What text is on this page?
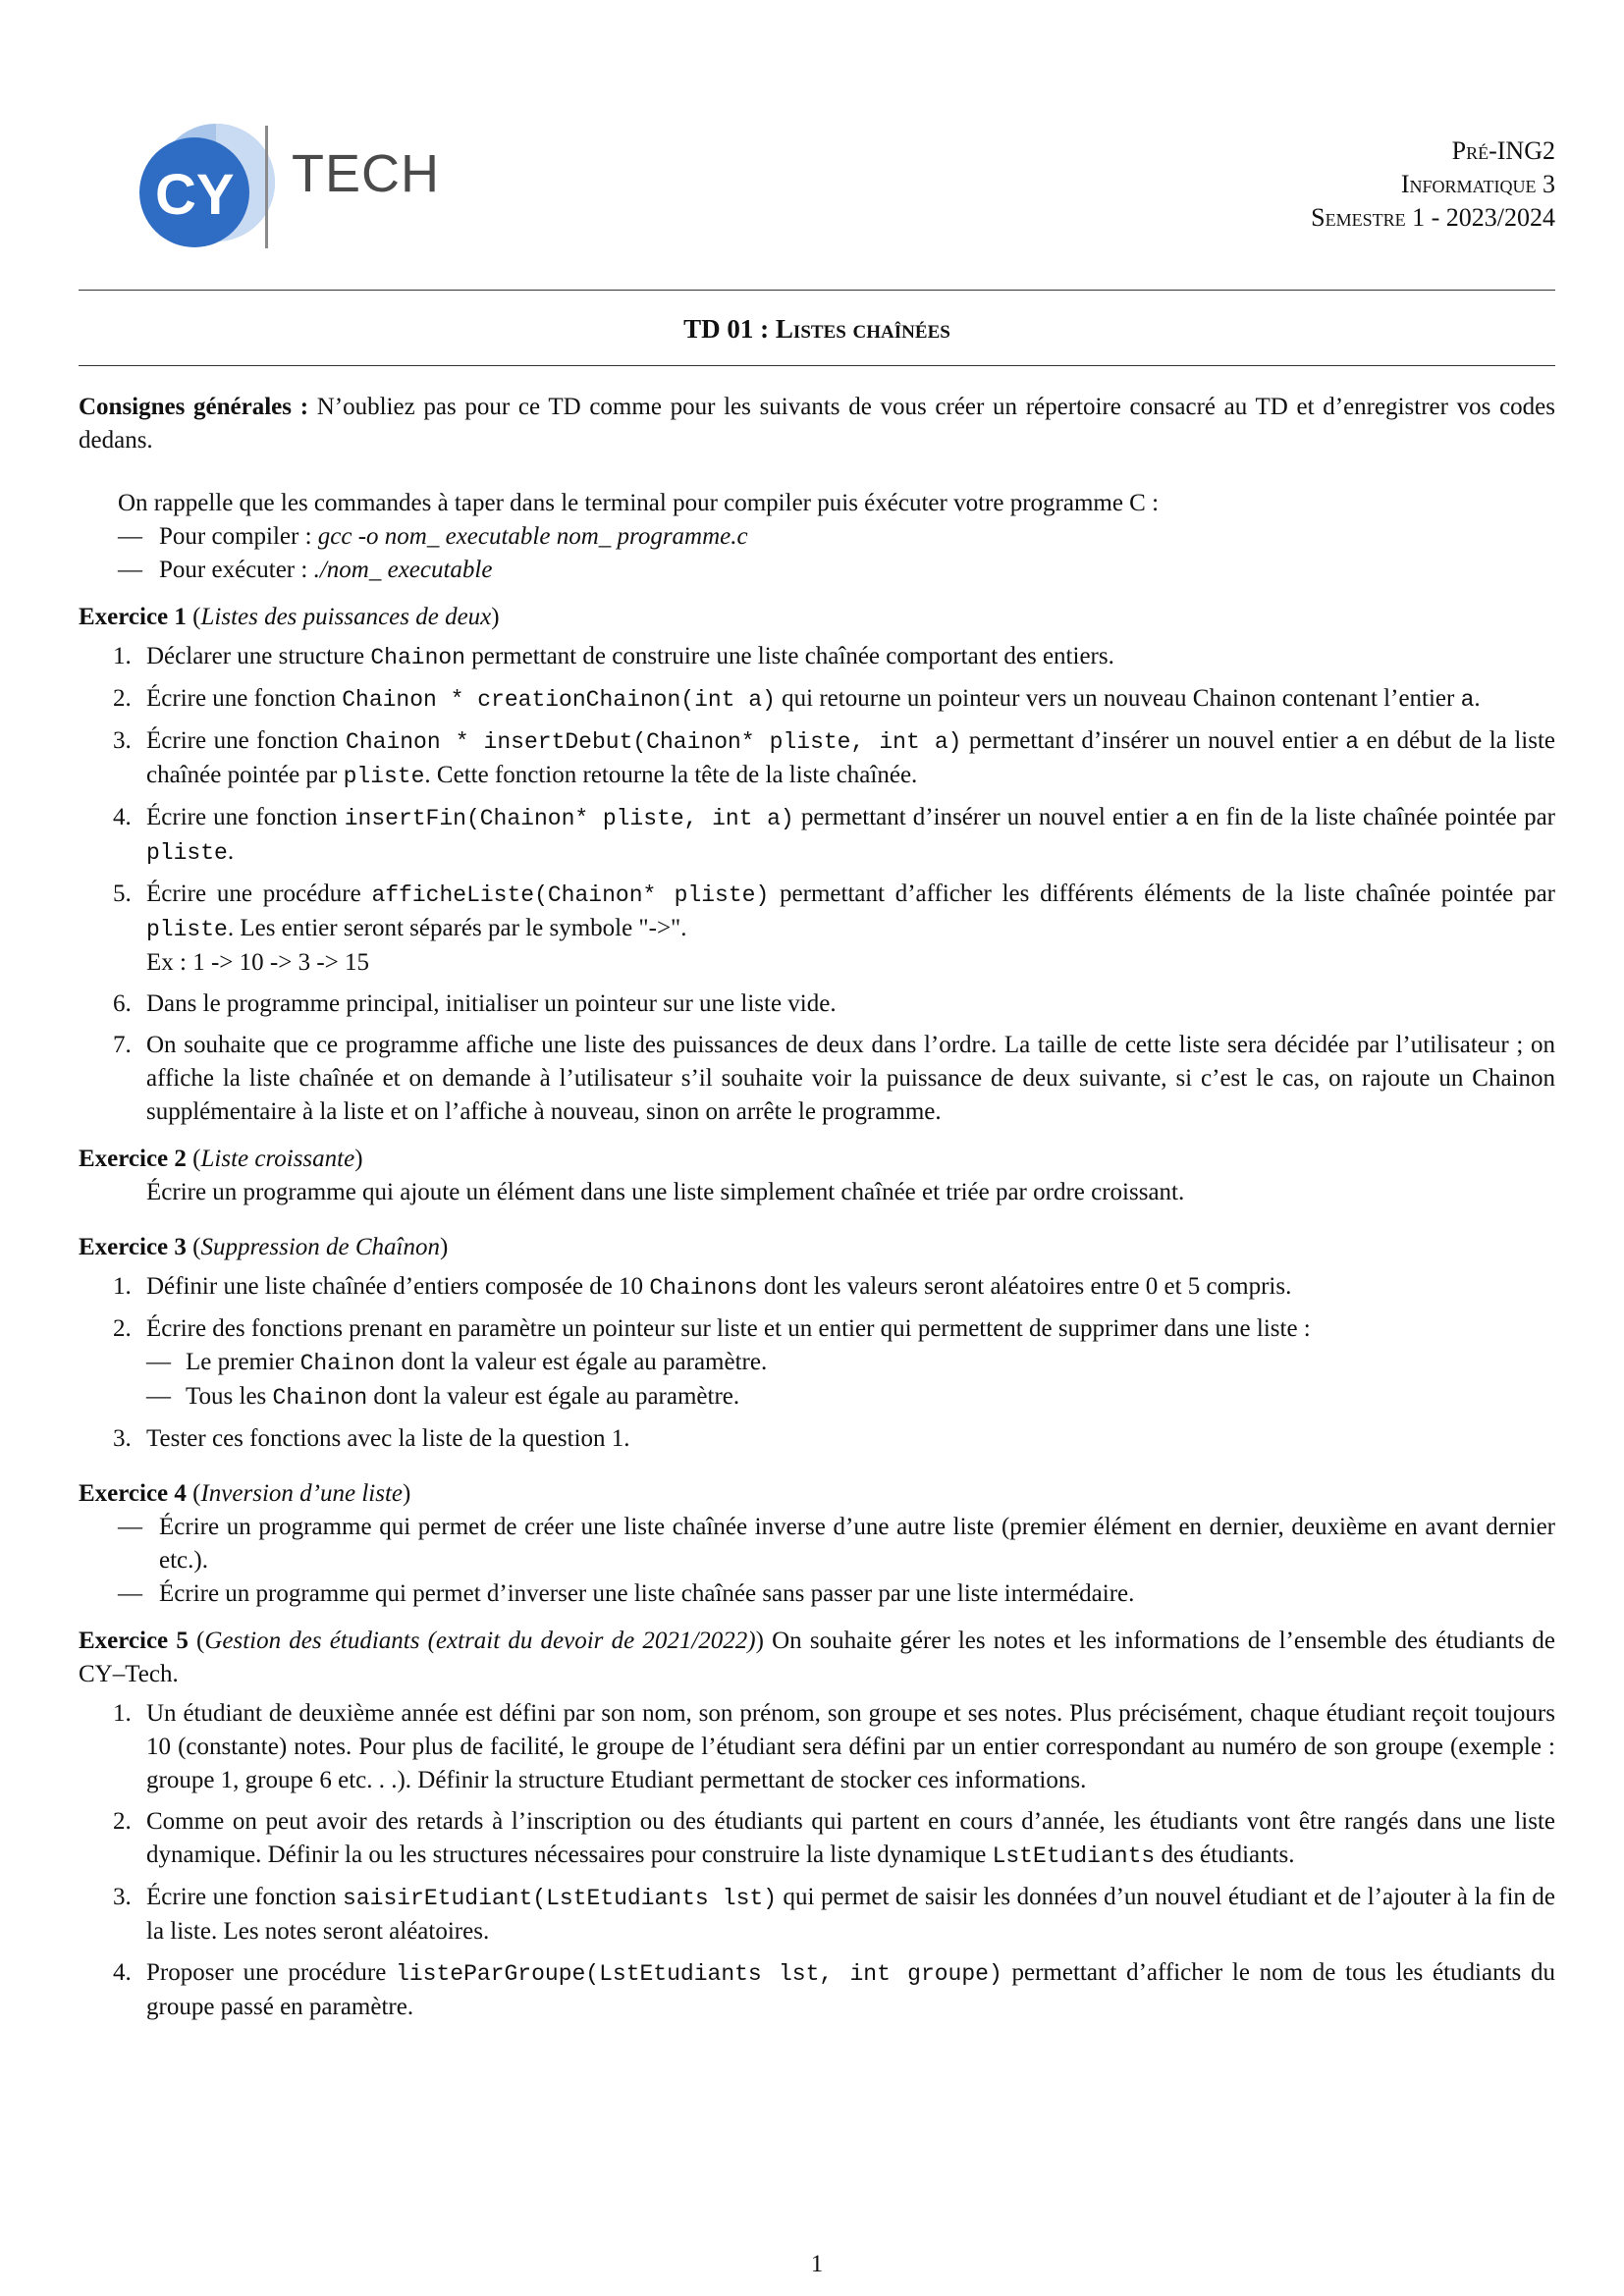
CY TECH	Pré-ING2
Informatique 3
Semestre 1 - 2023/2024
TD 01 : Listes chaînées

Consignes générales : N’oubliez pas pour ce TD comme pour les suivants de vous créer un répertoire consacré au TD et d’enregistrer vos codes dedans.

On rappelle que les commandes à taper dans le terminal pour compiler puis éxécuter votre programme C :

— Pour compiler : gcc -o nom_ executable nom_ programme.c
— Pour exécuter : ./nom_ executable

Exercice 1 (Listes des puissances de deux)

1. Déclarer une structure Chainon permettant de construire une liste chaînée comportant des entiers.
2. Écrire une fonction Chainon * creationChainon(int a) qui retourne un pointeur vers un nouveau Chainon contenant l’entier a.
3. Écrire une fonction Chainon * insertDebut(Chainon* pliste, int a) permettant d’insérer un nouvel entier a en début de la liste chaînée pointée par pliste. Cette fonction retourne la tête de la liste chaînée.
4. Écrire une fonction insertFin(Chainon* pliste, int a) permettant d’insérer un nouvel entier a en fin de la liste chaînée pointée par pliste.
5. Écrire une procédure afficheListe(Chainon* pliste) permettant d’afficher les différents éléments de la liste chaînée pointée par pliste. Les entier seront séparés par le symbole "->".
Ex : 1 -> 10 -> 3 -> 15
6. Dans le programme principal, initialiser un pointeur sur une liste vide.
7. On souhaite que ce programme affiche une liste des puissances de deux dans l’ordre. La taille de cette liste sera décidée par l’utilisateur ; on affiche la liste chaînée et on demande à l’utilisateur s’il souhaite voir la puissance de deux suivante, si c’est le cas, on rajoute un Chainon supplémentaire à la liste et on l’affiche à nouveau, sinon on arrête le programme.

Exercice 2 (Liste croissante)

Écrire un programme qui ajoute un élément dans une liste simplement chaînée et triée par ordre croissant.

Exercice 3 (Suppression de Chaînon)

1. Définir une liste chaînée d’entiers composée de 10 Chainons dont les valeurs seront aléatoires entre 0 et 5 compris.
2. Écrire des fonctions prenant en paramètre un pointeur sur liste et un entier qui permettent de supprimer dans une liste :
— Le premier Chainon dont la valeur est égale au paramètre.
— Tous les Chainon dont la valeur est égale au paramètre.
3. Tester ces fonctions avec la liste de la question 1.

Exercice 4 (Inversion d’une liste)

— Écrire un programme qui permet de créer une liste chaînée inverse d’une autre liste (premier élément en dernier, deuxième en avant dernier etc.).
— Écrire un programme qui permet d’inverser une liste chaînée sans passer par une liste intermédaire.

Exercice 5 (Gestion des étudiants (extrait du devoir de 2021/2022)) On souhaite gérer les notes et les informations de l’ensemble des étudiants de CY–Tech.

1. Un étudiant de deuxième année est défini par son nom, son prénom, son groupe et ses notes. Plus précisément, chaque étudiant reçoit toujours 10 (constante) notes. Pour plus de facilité, le groupe de l’étudiant sera défini par un entier correspondant au numéro de son groupe (exemple : groupe 1, groupe 6 etc. . .). Définir la structure Etudiant permettant de stocker ces informations.
2. Comme on peut avoir des retards à l’inscription ou des étudiants qui partent en cours d’année, les étudiants vont être rangés dans une liste dynamique. Définir la ou les structures nécessaires pour construire la liste dynamique LstEtudiants des étudiants.
3. Écrire une fonction saisirEtudiant(LstEtudiants lst) qui permet de saisir les données d’un nouvel étudiant et de l’ajouter à la fin de la liste. Les notes seront aléatoires.
4. Proposer une procédure listeParGroupe(LstEtudiants lst, int groupe) permettant d’afficher le nom de tous les étudiants du groupe passé en paramètre.
1
